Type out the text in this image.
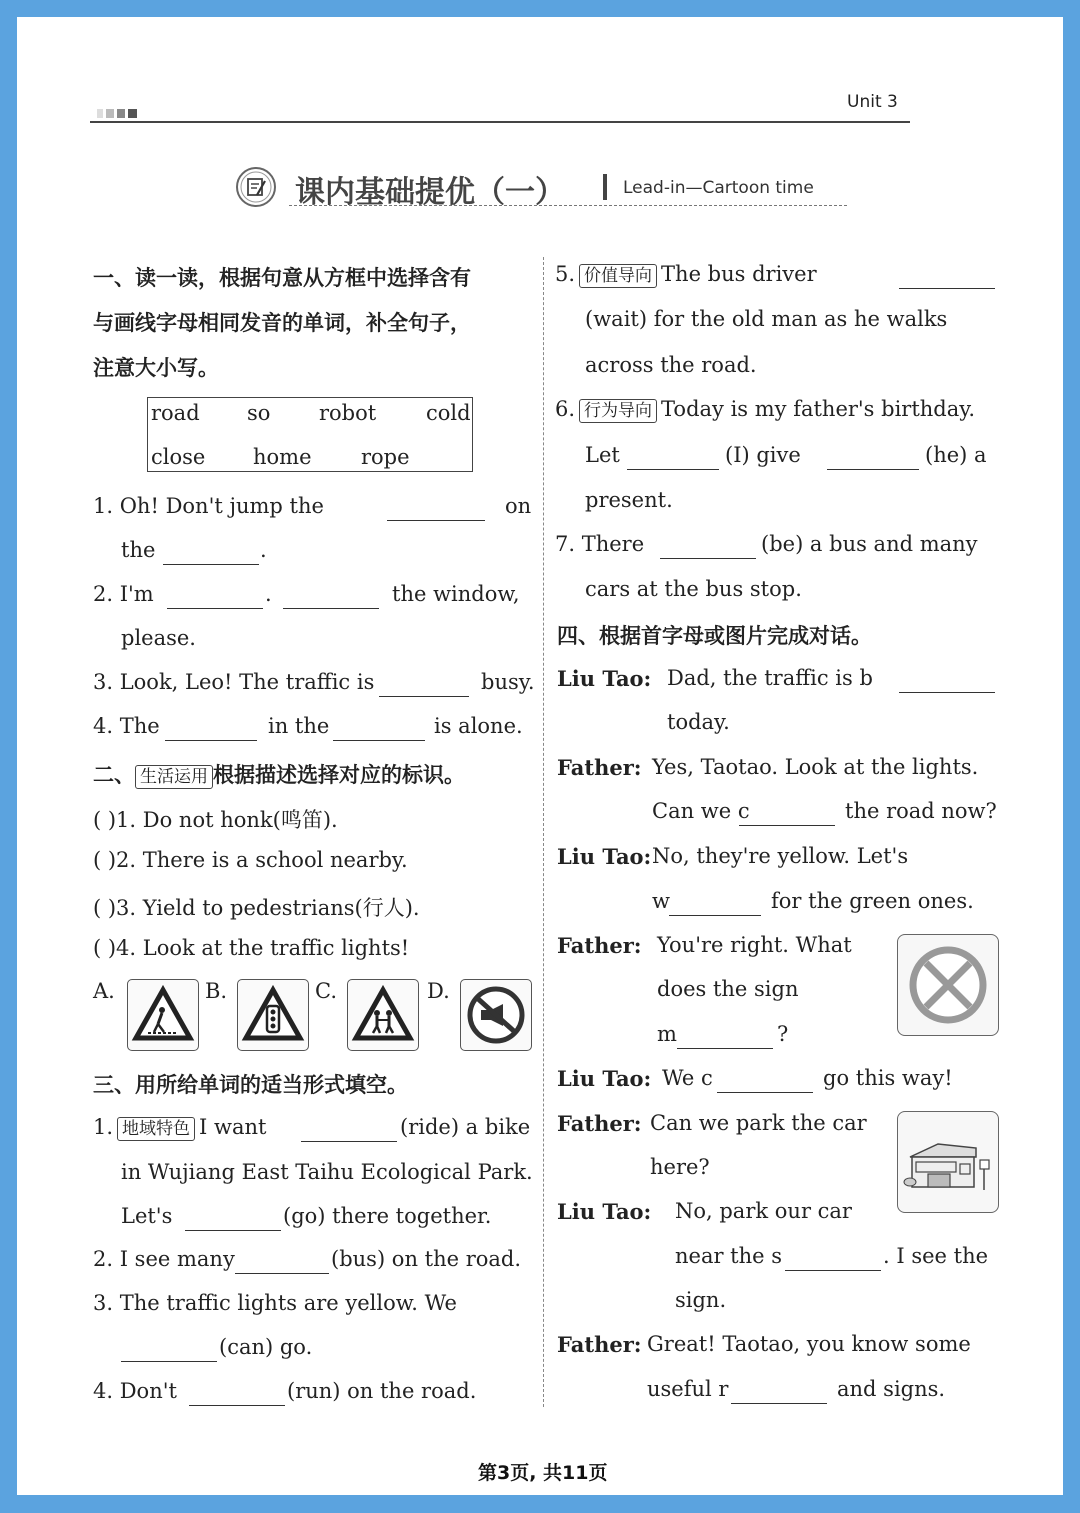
Unit 3
课内基础提优（一）	Lead-in—Cartoon time
一、读一读，根据句意从方框中选择含有
与画线字母相同发音的单词，补全句子，
注意大小写。
road so robot cold
close home rope
1. Oh! Don't jump the	on
the	.
2. I'm	.	the window,
please.
3. Look, Leo! The traffic is	busy.
4. The	in the	is alone.
二、 生活运用 根据描述选择对应的标识。
( )1. Do not honk(鸣笛).
( )2. There is a school nearby.
( )3. Yield to pedestrians(行人).
( )4. Look at the traffic lights!
A.	B.	C.	D.
三、用所给单词的适当形式填空。
1. 地域特色 I want	(ride) a bike
in Wujiang East Taihu Ecological Park.
Let's	(go) there together.
2. I see many	(bus) on the road.
3. The traffic lights are yellow. We
(can) go.
4. Don't	(run) on the road.
5. 价值导向 The bus driver
(wait) for the old man as he walks
across the road.
6. 行为导向 Today is my father's birthday.
Let	(I) give	(he) a
present.
7. There	(be) a bus and many
cars at the bus stop.
四、根据首字母或图片完成对话。
Liu Tao: Dad, the traffic is b
today.
Father: Yes, Taotao. Look at the lights.
Can we c	the road now?
Liu Tao: No, they're yellow. Let's
w	for the green ones.
Father: You're right. What
does the sign
m	?
Liu Tao: We c	go this way!
Father: Can we park the car
here?
Liu Tao: No, park our car
near the s	. I see the
sign.
Father: Great! Taotao, you know some
useful r	and signs.
第3页, 共11页
